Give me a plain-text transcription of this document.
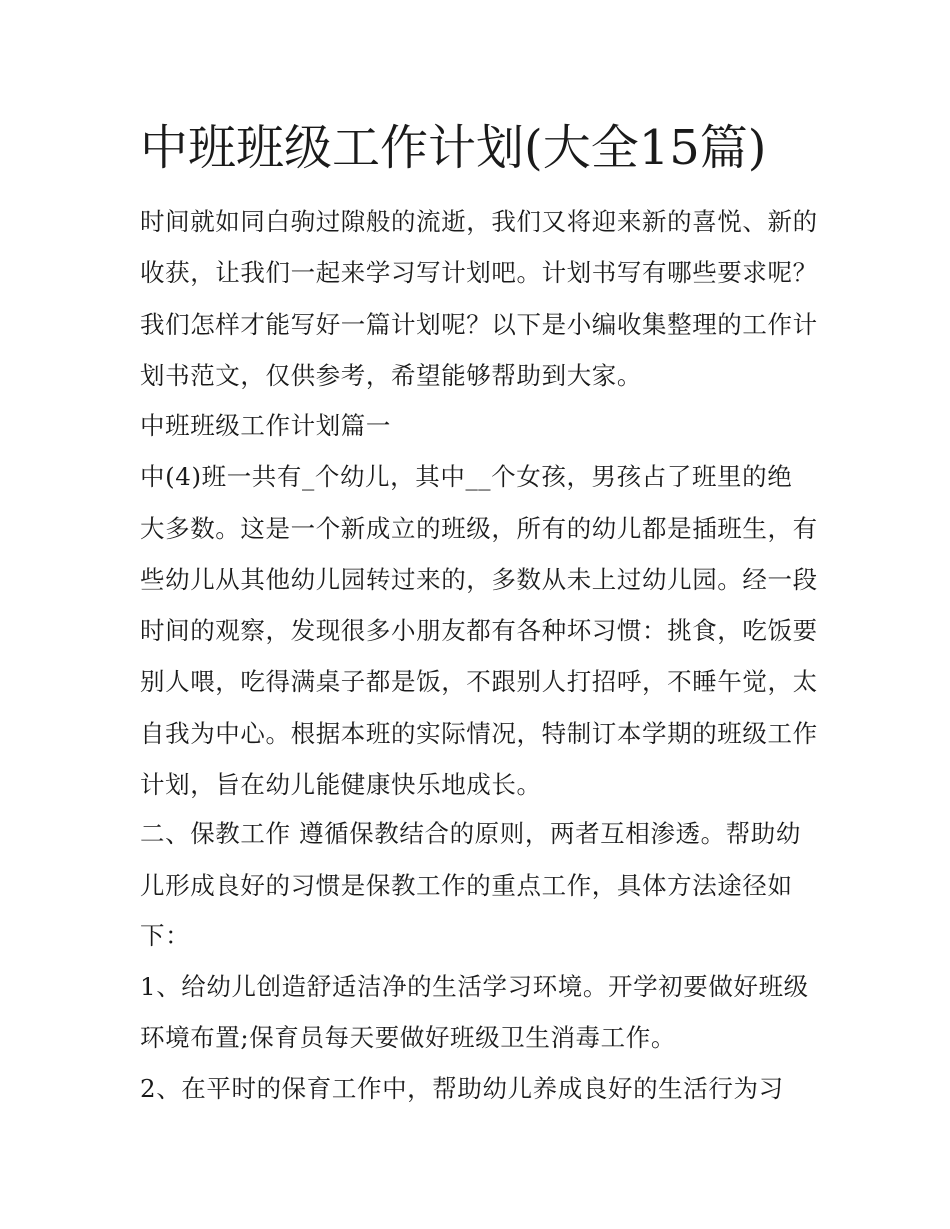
中班班级工作计划(大全15篇)
时间就如同白驹过隙般的流逝，我们又将迎来新的喜悦、新的
收获，让我们一起来学习写计划吧。计划书写有哪些要求呢？
我们怎样才能写好一篇计划呢？以下是小编收集整理的工作计
划书范文，仅供参考，希望能够帮助到大家。
中班班级工作计划篇一
中(4)班一共有_个幼儿，其中__个女孩，男孩占了班里的绝
大多数。这是一个新成立的班级，所有的幼儿都是插班生，有
些幼儿从其他幼儿园转过来的，多数从未上过幼儿园。经一段
时间的观察，发现很多小朋友都有各种坏习惯：挑食，吃饭要
别人喂，吃得满桌子都是饭，不跟别人打招呼，不睡午觉，太
自我为中心。根据本班的实际情况，特制订本学期的班级工作
计划，旨在幼儿能健康快乐地成长。
二、保教工作 遵循保教结合的原则，两者互相渗透。帮助幼
儿形成良好的习惯是保教工作的重点工作，具体方法途径如
下：
1、给幼儿创造舒适洁净的生活学习环境。开学初要做好班级
环境布置;保育员每天要做好班级卫生消毒工作。
2、在平时的保育工作中，帮助幼儿养成良好的生活行为习
